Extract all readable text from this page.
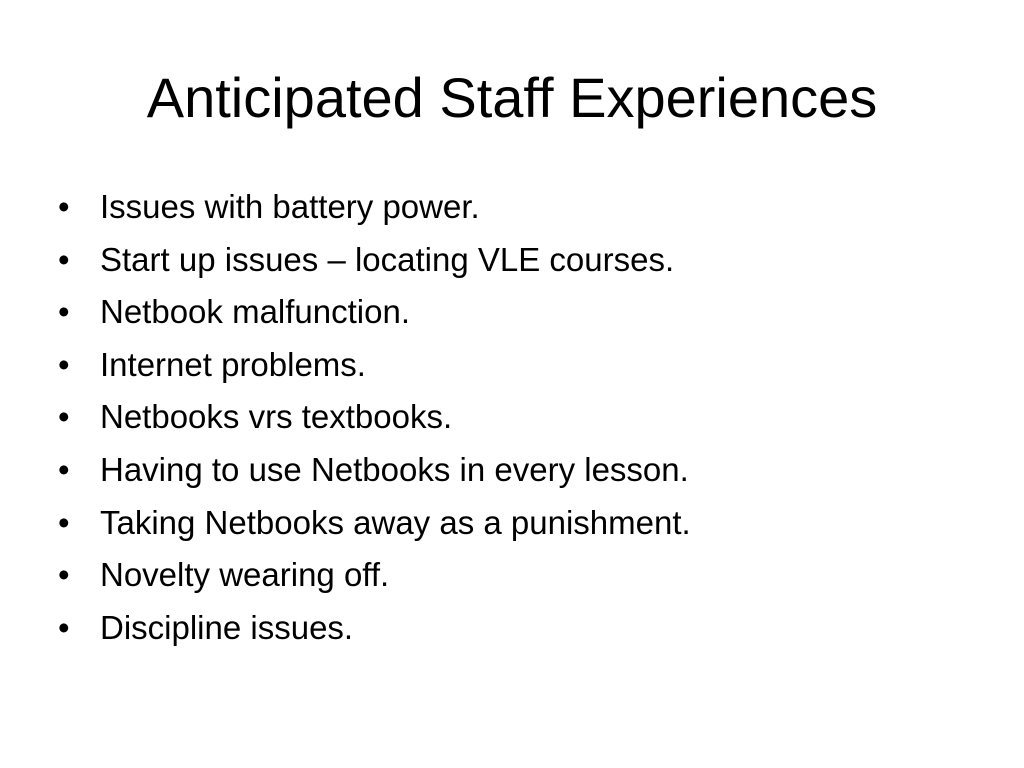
Anticipated Staff Experiences
• Issues with battery power.
• Start up issues – locating VLE courses.
• Netbook malfunction.
• Internet problems.
• Netbooks vrs textbooks.
• Having to use Netbooks in every lesson.
• Taking Netbooks away as a punishment.
• Novelty wearing off.
• Discipline issues.
